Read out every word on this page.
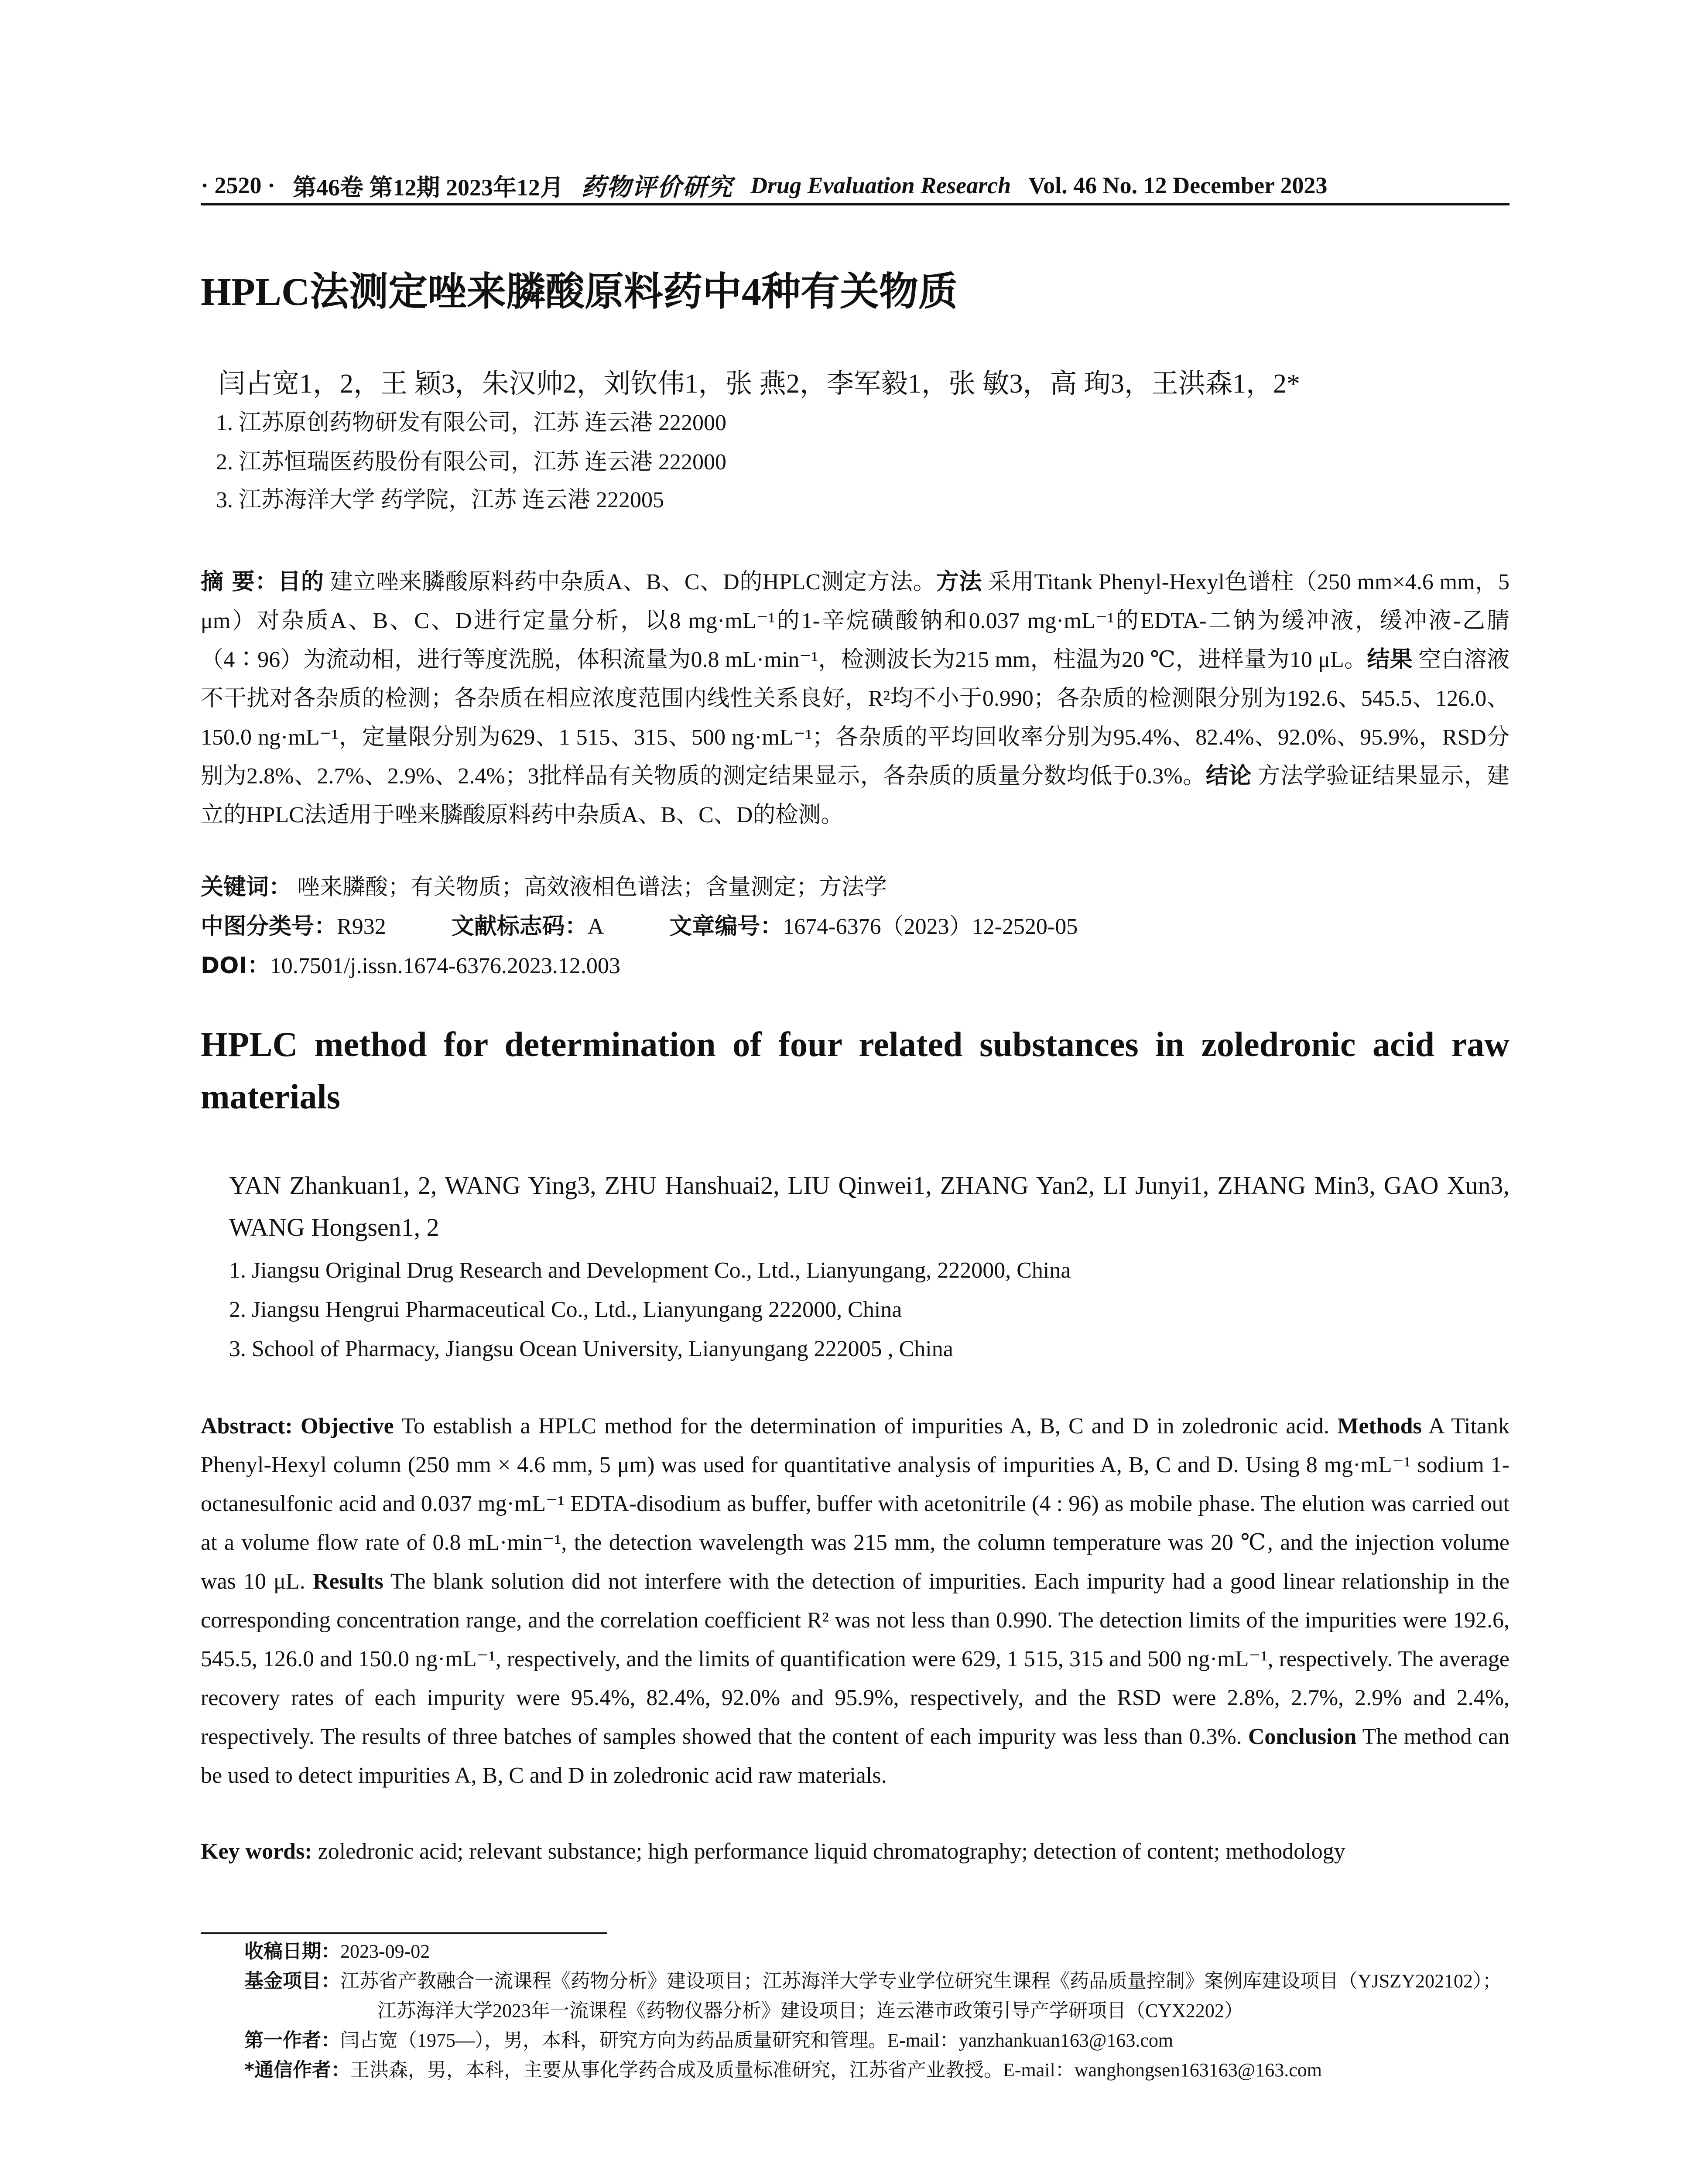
· 2520 · 第46卷 第12期 2023年12月 药物评价研究 Drug Evaluation Research Vol. 46 No. 12 December 2023
HPLC法测定唑来膦酸原料药中4种有关物质
闫占宽1，2，王 颖3，朱汉帅2，刘钦伟1，张 燕2，李军毅1，张 敏3，高 珣3，王洪森1，2*
1. 江苏原创药物研发有限公司，江苏 连云港 222000
2. 江苏恒瑞医药股份有限公司，江苏 连云港 222000
3. 江苏海洋大学 药学院，江苏 连云港 222005
摘 要：目的 建立唑来膦酸原料药中杂质A、B、C、D的HPLC测定方法。方法 采用Titank Phenyl-Hexyl色谱柱（250 mm×4.6 mm，5 μm）对杂质A、B、C、D进行定量分析，以8 mg·mL⁻¹的1-辛烷磺酸钠和0.037 mg·mL⁻¹的EDTA-二钠为缓冲液，缓冲液-乙腈（4∶96）为流动相，进行等度洗脱，体积流量为0.8 mL·min⁻¹，检测波长为215 mm，柱温为20 ℃，进样量为10 μL。结果 空白溶液不干扰对各杂质的检测；各杂质在相应浓度范围内线性关系良好，R²均不小于0.990；各杂质的检测限分别为192.6、545.5、126.0、150.0 ng·mL⁻¹，定量限分别为629、1 515、315、500 ng·mL⁻¹；各杂质的平均回收率分别为95.4%、82.4%、92.0%、95.9%，RSD分别为2.8%、2.7%、2.9%、2.4%；3批样品有关物质的测定结果显示，各杂质的质量分数均低于0.3%。结论 方法学验证结果显示，建立的HPLC法适用于唑来膦酸原料药中杂质A、B、C、D的检测。
关键词： 唑来膦酸；有关物质；高效液相色谱法；含量测定；方法学
中图分类号：R932	文献标志码：A	文章编号：1674-6376（2023）12-2520-05
DOI：10.7501/j.issn.1674-6376.2023.12.003
HPLC method for determination of four related substances in zoledronic acid raw materials
YAN Zhankuan1, 2, WANG Ying3, ZHU Hanshuai2, LIU Qinwei1, ZHANG Yan2, LI Junyi1, ZHANG Min3, GAO Xun3, WANG Hongsen1, 2
1. Jiangsu Original Drug Research and Development Co., Ltd., Lianyungang, 222000, China
2. Jiangsu Hengrui Pharmaceutical Co., Ltd., Lianyungang 222000, China
3. School of Pharmacy, Jiangsu Ocean University, Lianyungang 222005 , China
Abstract: Objective To establish a HPLC method for the determination of impurities A, B, C and D in zoledronic acid. Methods A Titank Phenyl-Hexyl column (250 mm × 4.6 mm, 5 μm) was used for quantitative analysis of impurities A, B, C and D. Using 8 mg·mL⁻¹ sodium 1-octanesulfonic acid and 0.037 mg·mL⁻¹ EDTA-disodium as buffer, buffer with acetonitrile (4 : 96) as mobile phase. The elution was carried out at a volume flow rate of 0.8 mL·min⁻¹, the detection wavelength was 215 mm, the column temperature was 20 ℃, and the injection volume was 10 μL. Results The blank solution did not interfere with the detection of impurities. Each impurity had a good linear relationship in the corresponding concentration range, and the correlation coefficient R² was not less than 0.990. The detection limits of the impurities were 192.6, 545.5, 126.0 and 150.0 ng·mL⁻¹, respectively, and the limits of quantification were 629, 1 515, 315 and 500 ng·mL⁻¹, respectively. The average recovery rates of each impurity were 95.4%, 82.4%, 92.0% and 95.9%, respectively, and the RSD were 2.8%, 2.7%, 2.9% and 2.4%, respectively. The results of three batches of samples showed that the content of each impurity was less than 0.3%. Conclusion The method can be used to detect impurities A, B, C and D in zoledronic acid raw materials.
Key words: zoledronic acid; relevant substance; high performance liquid chromatography; detection of content; methodology
收稿日期：2023-09-02
基金项目：江苏省产教融合一流课程《药物分析》建设项目；江苏海洋大学专业学位研究生课程《药品质量控制》案例库建设项目（YJSZY202102）；江苏海洋大学2023年一流课程《药物仪器分析》建设项目；连云港市政策引导产学研项目（CYX2202）
第一作者：闫占宽（1975—），男，本科，研究方向为药品质量研究和管理。E-mail：yanzhankuan163@163.com
*通信作者：王洪森，男，本科，主要从事化学药合成及质量标准研究，江苏省产业教授。E-mail：wanghongsen163163@163.com
